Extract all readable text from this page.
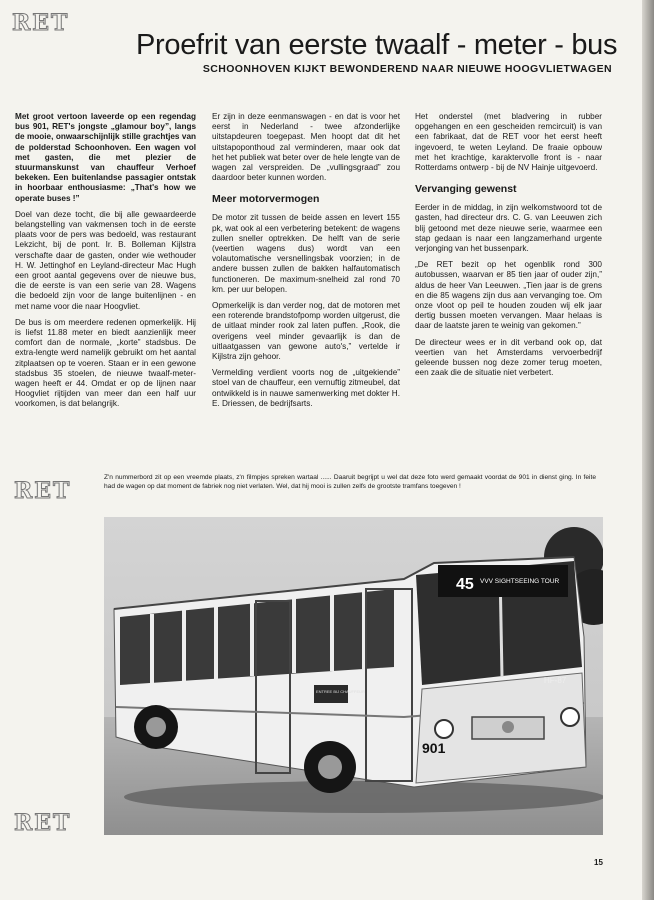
RET
RET
RET
Proefrit van eerste twaalf - meter - bus
SCHOONHOVEN KIJKT BEWONDEREND NAAR NIEUWE HOOGVLIETWAGEN

Met groot vertoon laveerde op een regendag bus 901, RET's jongste „glamour boy”, langs de mooie, onwaarschijnlijk stille grachtjes van de polderstad Schoonhoven. Een wagen vol met gasten, die met plezier de stuurmanskunst van chauffeur Verhoef bekeken. Een buitenlandse passagier ontstak in hoorbaar enthousiasme: „That's how we operate buses !”

Doel van deze tocht, die bij alle gewaardeerde belangstelling van vakmensen toch in de eerste plaats voor de pers was bedoeld, was restaurant Lekzicht, bij de pont. Ir. B. Bolleman Kijlstra verschafte daar de gasten, onder wie wethouder H. W. Jettinghof en Leyland-directeur Mac Hugh een groot aantal gegevens over de nieuwe bus, die de eerste is van een serie van 28. Wagens die bedoeld zijn voor de lange buitenlijnen - en met name voor die naar Hoogvliet.

De bus is om meerdere redenen opmerkelijk. Hij is liefst 11.88 meter en biedt aanzienlijk meer comfort dan de normale, „korte” stadsbus. De extra-lengte werd namelijk gebruikt om het aantal zitplaatsen op te voeren. Staan er in een gewone stadsbus 35 stoelen, de nieuwe twaalf-meter-wagen heeft er 44. Omdat er op de lijnen naar Hoogvliet rijtijden van meer dan een half uur voorkomen, is dat belangrijk.

Er zijn in deze eenmanswagen - en dat is voor het eerst in Nederland - twee afzonderlijke uitstapdeuren toegepast. Men hoopt dat dit het uitstapoponthoud zal verminderen, maar ook dat het het publiek wat beter over de hele lengte van de wagen zal verspreiden. De „vullingsgraad” zou daardoor beter kunnen worden.

Meer motorvermogen

De motor zit tussen de beide assen en levert 155 pk, wat ook al een verbetering betekent: de wagens zullen sneller optrekken. De helft van de serie (veertien wagens dus) wordt van een volautomatische versnellingsbak voorzien; in de andere bussen zullen de bakken halfautomatisch functioneren. De maximum-snelheid zal rond 70 km. per uur belopen.

Opmerkelijk is dan verder nog, dat de motoren met een roterende brandstofpomp worden uitgerust, die de uitlaat minder rook zal laten puffen. „Rook, die overigens veel minder gevaarlijk is dan de uitlaatgassen van gewone auto's,” vertelde ir Kijlstra zijn gehoor.

Vermelding verdient voorts nog de „uitgekiende” stoel van de chauffeur, een vernuftig zitmeubel, dat ontwikkeld is in nauwe samenwerking met dokter H. E. Driessen, de bedrijfsarts.

Het onderstel (met bladvering in rubber opgehangen en een gescheiden remcircuit) is van een fabrikaat, dat de RET voor het eerst heeft ingevoerd, te weten Leyland. De fraaie opbouw met het krachtige, karaktervolle front is - naar Rotterdams ontwerp - bij de NV Hainje uitgevoerd.

Vervanging gewenst

Eerder in de middag, in zijn welkomstwoord tot de gasten, had directeur drs. C. G. van Leeuwen zich blij getoond met deze nieuwe serie, waarmee een stap gedaan is naar een langzamerhand urgente verjonging van het bussenpark.

„De RET bezit op het ogenblik rond 300 autobussen, waarvan er 85 tien jaar of ouder zijn,” aldus de heer Van Leeuwen. „Tien jaar is de grens en die 85 wagens zijn dus aan vervanging toe. Om onze vloot op peil te houden zouden wij elk jaar dertig bussen moeten vervangen. Maar helaas is daar de laatste jaren te weinig van gekomen.”

De directeur wees er in dit verband ook op, dat veertien van het Amsterdams vervoerbedrijf geleende bussen nog deze zomer terug moeten, een zaak die de situatie niet verbetert.

Z'n nummerbord zit op een vreemde plaats, z'n filmpjes spreken wartaal ...... Daaruit begrijpt u wel dat deze foto werd gemaakt voordat de 901 in dienst ging. In feite had de wagen op dat moment de fabriek nog niet verlaten. Wel, dat hij mooi is zullen zelfs de grootste tramfans toegeven !
45 VVV SIGHTSEEING TOUR
901
HF-87
ENTREE BIJ CHAUFFEUR
15
